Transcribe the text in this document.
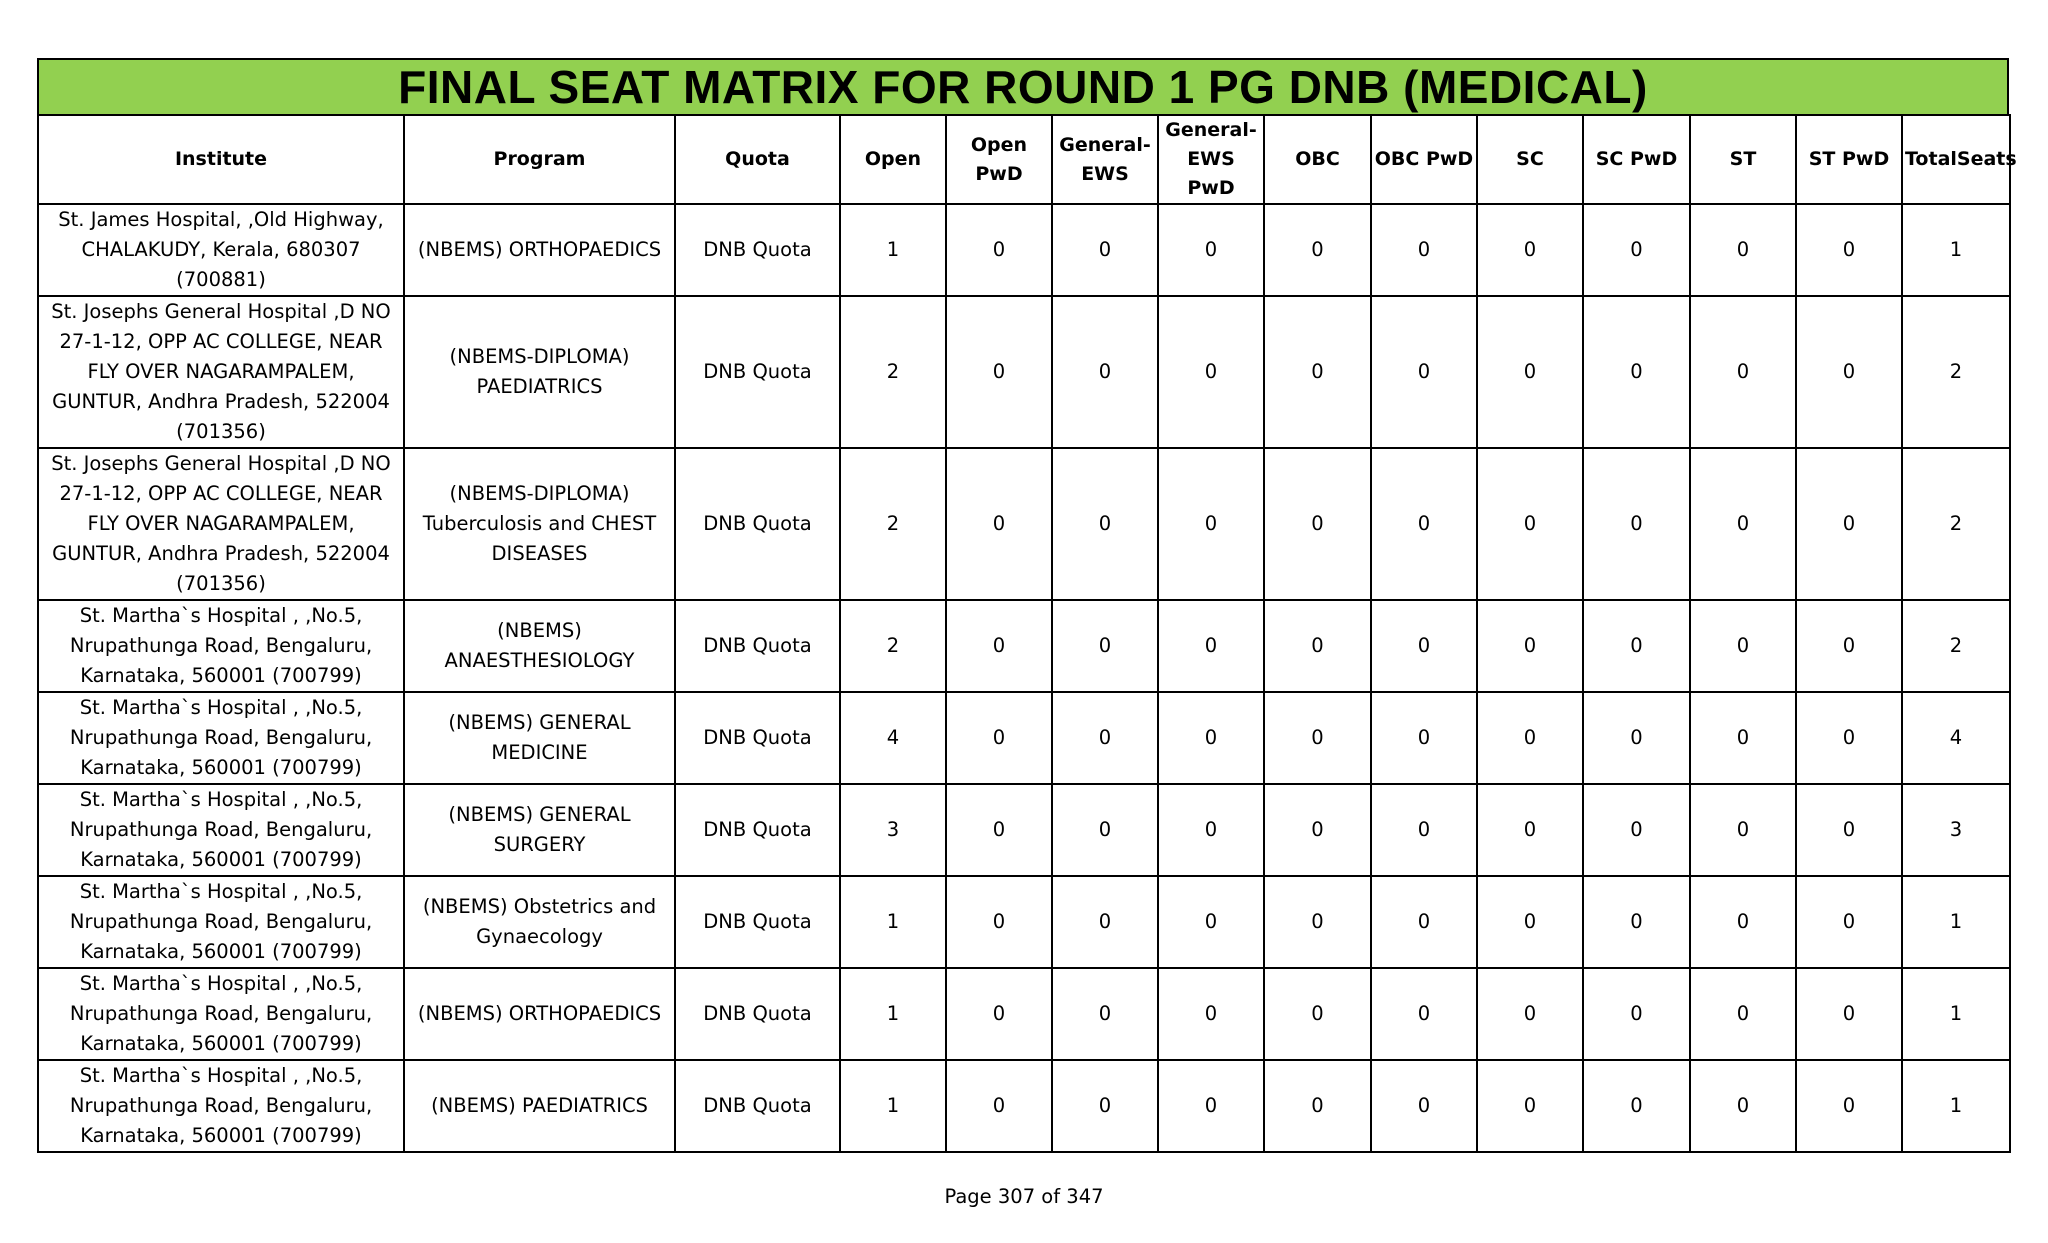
FINAL SEAT MATRIX FOR ROUND 1 PG DNB (MEDICAL)
Institute	Program	Quota	Open	Open PwD	General-EWS	General-EWS PwD	OBC	OBC PwD	SC	SC PwD	ST	ST PwD	TotalSeats
St. James Hospital, ,Old Highway, CHALAKUDY, Kerala, 680307 (700881)	(NBEMS) ORTHOPAEDICS	DNB Quota	1	0	0	0	0	0	0	0	0	0	1
St. Josephs General Hospital ,D NO 27-1-12, OPP AC COLLEGE, NEAR FLY OVER NAGARAMPALEM, GUNTUR, Andhra Pradesh, 522004 (701356)	(NBEMS-DIPLOMA) PAEDIATRICS	DNB Quota	2	0	0	0	0	0	0	0	0	0	2
St. Josephs General Hospital ,D NO 27-1-12, OPP AC COLLEGE, NEAR FLY OVER NAGARAMPALEM, GUNTUR, Andhra Pradesh, 522004 (701356)	(NBEMS-DIPLOMA) Tuberculosis and CHEST DISEASES	DNB Quota	2	0	0	0	0	0	0	0	0	0	2
St. Martha`s Hospital , ,No.5, Nrupathunga Road, Bengaluru, Karnataka, 560001 (700799)	(NBEMS) ANAESTHESIOLOGY	DNB Quota	2	0	0	0	0	0	0	0	0	0	2
St. Martha`s Hospital , ,No.5, Nrupathunga Road, Bengaluru, Karnataka, 560001 (700799)	(NBEMS) GENERAL MEDICINE	DNB Quota	4	0	0	0	0	0	0	0	0	0	4
St. Martha`s Hospital , ,No.5, Nrupathunga Road, Bengaluru, Karnataka, 560001 (700799)	(NBEMS) GENERAL SURGERY	DNB Quota	3	0	0	0	0	0	0	0	0	0	3
St. Martha`s Hospital , ,No.5, Nrupathunga Road, Bengaluru, Karnataka, 560001 (700799)	(NBEMS) Obstetrics and Gynaecology	DNB Quota	1	0	0	0	0	0	0	0	0	0	1
St. Martha`s Hospital , ,No.5, Nrupathunga Road, Bengaluru, Karnataka, 560001 (700799)	(NBEMS) ORTHOPAEDICS	DNB Quota	1	0	0	0	0	0	0	0	0	0	1
St. Martha`s Hospital , ,No.5, Nrupathunga Road, Bengaluru, Karnataka, 560001 (700799)	(NBEMS) PAEDIATRICS	DNB Quota	1	0	0	0	0	0	0	0	0	0	1
Page 307 of 347
